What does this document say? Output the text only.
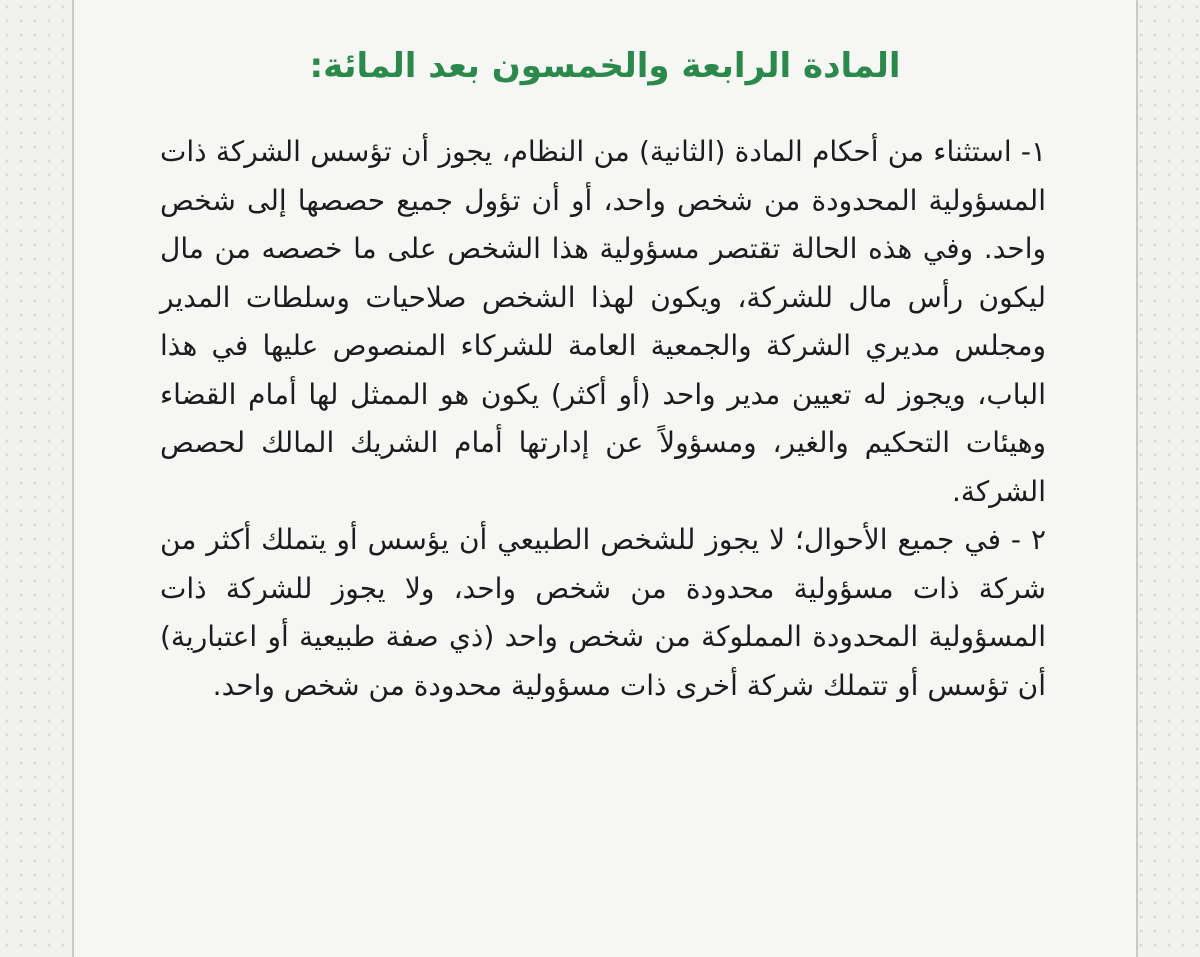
المادة الرابعة والخمسون بعد المائة:

١- استثناء من أحكام المادة (الثانية) من النظام، يجوز أن تؤسس الشركة ذات المسؤولية المحدودة من شخص واحد، أو أن تؤول جميع حصصها إلى شخص واحد. وفي هذه الحالة تقتصر مسؤولية هذا الشخص على ما خصصه من مال ليكون رأس مال للشركة، ويكون لهذا الشخص صلاحيات وسلطات المدير ومجلس مديري الشركة والجمعية العامة للشركاء المنصوص عليها في هذا الباب، ويجوز له تعيين مدير واحد (أو أكثر) يكون هو الممثل لها أمام القضاء وهيئات التحكيم والغير، ومسؤولاً عن إدارتها أمام الشريك المالك لحصص الشركة.

٢ - في جميع الأحوال؛ لا يجوز للشخص الطبيعي أن يؤسس أو يتملك أكثر من شركة ذات مسؤولية محدودة من شخص واحد، ولا يجوز للشركة ذات المسؤولية المحدودة المملوكة من شخص واحد (ذي صفة طبيعية أو اعتبارية) أن تؤسس أو تتملك شركة أخرى ذات مسؤولية محدودة من شخص واحد.
